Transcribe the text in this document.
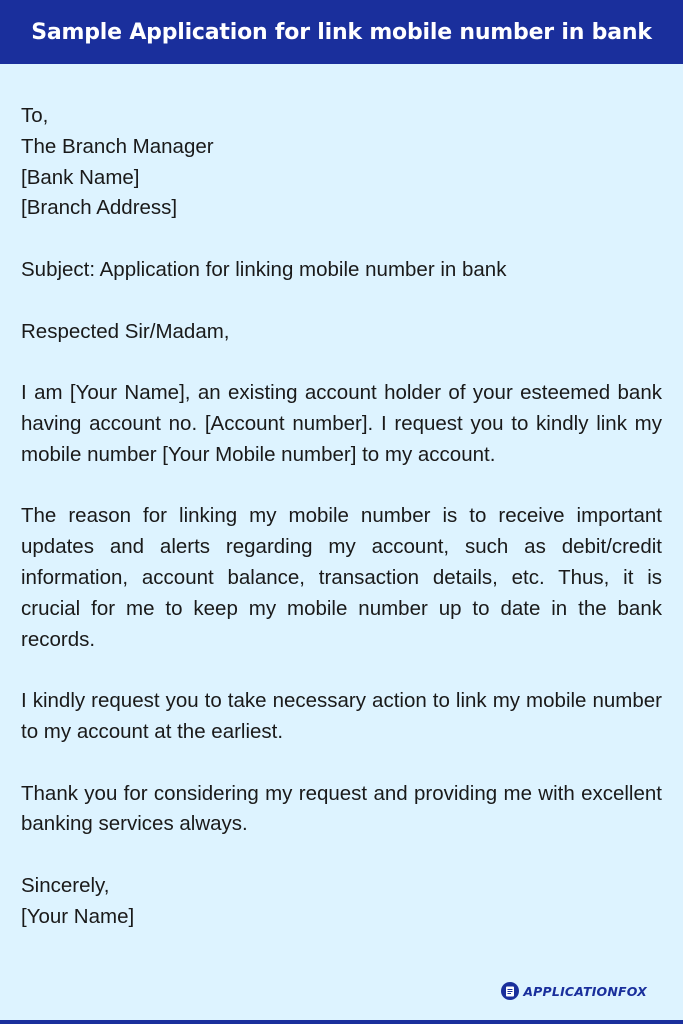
Sample Application for link mobile number in bank

To,

The Branch Manager

[Bank Name]

[Branch Address]

Subject: Application for linking mobile number in bank

Respected Sir/Madam,

I am [Your Name], an existing account holder of your esteemed bank having account no. [Account number]. I request you to kindly link my mobile number [Your Mobile number] to my account.

The reason for linking my mobile number is to receive important updates and alerts regarding my account, such as debit/credit information, account balance, transaction details, etc. Thus, it is crucial for me to keep my mobile number up to date in the bank records.

I kindly request you to take necessary action to link my mobile number to my account at the earliest.

Thank you for considering my request and providing me with excellent banking services always.

Sincerely,

[Your Name]

APPLICATIONFOX
